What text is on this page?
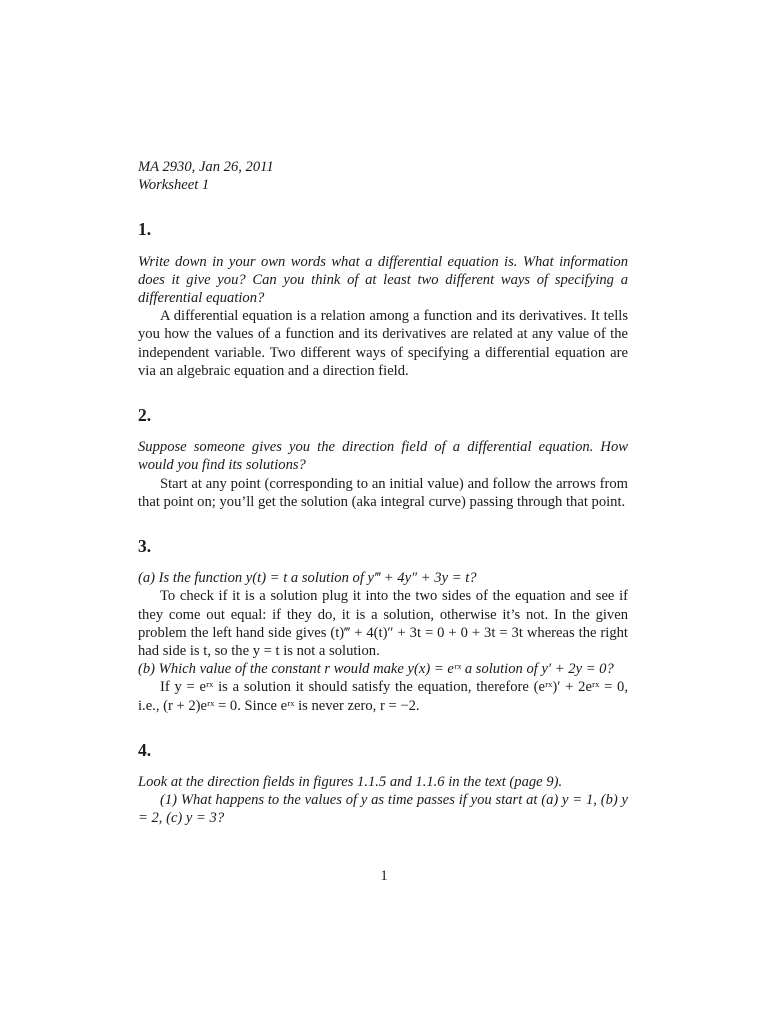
MA 2930, Jan 26, 2011
Worksheet 1
1.
Write down in your own words what a differential equation is. What information does it give you? Can you think of at least two different ways of specifying a differential equation?
A differential equation is a relation among a function and its derivatives. It tells you how the values of a function and its derivatives are related at any value of the independent variable. Two different ways of specifying a differential equation are via an algebraic equation and a direction field.
2.
Suppose someone gives you the direction field of a differential equation. How would you find its solutions?
Start at any point (corresponding to an initial value) and follow the arrows from that point on; you’ll get the solution (aka integral curve) passing through that point.
3.
(a) Is the function y(t) = t a solution of y‴ + 4y″ + 3y = t?
To check if it is a solution plug it into the two sides of the equation and see if they come out equal: if they do, it is a solution, otherwise it’s not. In the given problem the left hand side gives (t)‴ + 4(t)″ + 3t = 0 + 0 + 3t = 3t whereas the right had side is t, so the y = t is not a solution.
(b) Which value of the constant r would make y(x) = eʳˣ a solution of y′ + 2y = 0?
If y = eʳˣ is a solution it should satisfy the equation, therefore (eʳˣ)′ + 2eʳˣ = 0, i.e., (r + 2)eʳˣ = 0. Since eʳˣ is never zero, r = −2.
4.
Look at the direction fields in figures 1.1.5 and 1.1.6 in the text (page 9).
(1) What happens to the values of y as time passes if you start at (a) y = 1, (b) y = 2, (c) y = 3?
1
